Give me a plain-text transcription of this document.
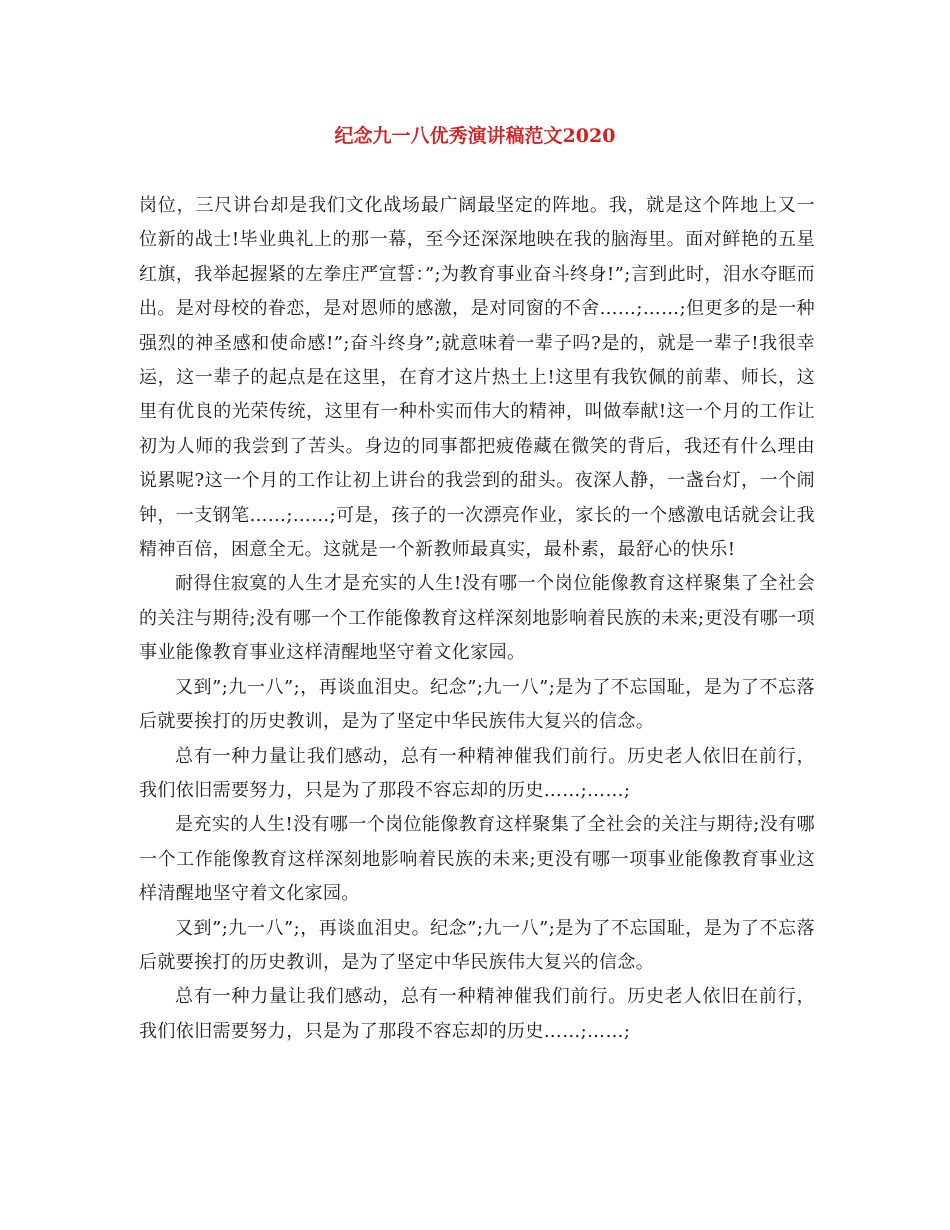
纪念九一八优秀演讲稿范文2020

岗位，三尺讲台却是我们文化战场最广阔最坚定的阵地。我，就是这个阵地上又一位新的战士!毕业典礼上的那一幕，至今还深深地映在我的脑海里。面对鲜艳的五星红旗，我举起握紧的左拳庄严宣誓：”;为教育事业奋斗终身!”;言到此时，泪水夺眶而出。是对母校的眷恋，是对恩师的感激，是对同窗的不舍……;……;但更多的是一种强烈的神圣感和使命感!”;奋斗终身”;就意味着一辈子吗?是的，就是一辈子!我很幸运，这一辈子的起点是在这里，在育才这片热土上!这里有我钦佩的前辈、师长，这里有优良的光荣传统，这里有一种朴实而伟大的精神，叫做奉献!这一个月的工作让初为人师的我尝到了苦头。身边的同事都把疲倦藏在微笑的背后，我还有什么理由说累呢?这一个月的工作让初上讲台的我尝到的甜头。夜深人静，一盏台灯，一个闹钟，一支钢笔……;……;可是，孩子的一次漂亮作业，家长的一个感激电话就会让我精神百倍，困意全无。这就是一个新教师最真实，最朴素，最舒心的快乐!

耐得住寂寞的人生才是充实的人生!没有哪一个岗位能像教育这样聚集了全社会的关注与期待;没有哪一个工作能像教育这样深刻地影响着民族的未来;更没有哪一项事业能像教育事业这样清醒地坚守着文化家园。

又到”;九一八”;，再谈血泪史。纪念”;九一八”;是为了不忘国耻，是为了不忘落后就要挨打的历史教训，是为了坚定中华民族伟大复兴的信念。

总有一种力量让我们感动，总有一种精神催我们前行。历史老人依旧在前行，我们依旧需要努力，只是为了那段不容忘却的历史……;……;

是充实的人生!没有哪一个岗位能像教育这样聚集了全社会的关注与期待;没有哪一个工作能像教育这样深刻地影响着民族的未来;更没有哪一项事业能像教育事业这样清醒地坚守着文化家园。

又到”;九一八”;，再谈血泪史。纪念”;九一八”;是为了不忘国耻，是为了不忘落后就要挨打的历史教训，是为了坚定中华民族伟大复兴的信念。

总有一种力量让我们感动，总有一种精神催我们前行。历史老人依旧在前行，我们依旧需要努力，只是为了那段不容忘却的历史……;……;
